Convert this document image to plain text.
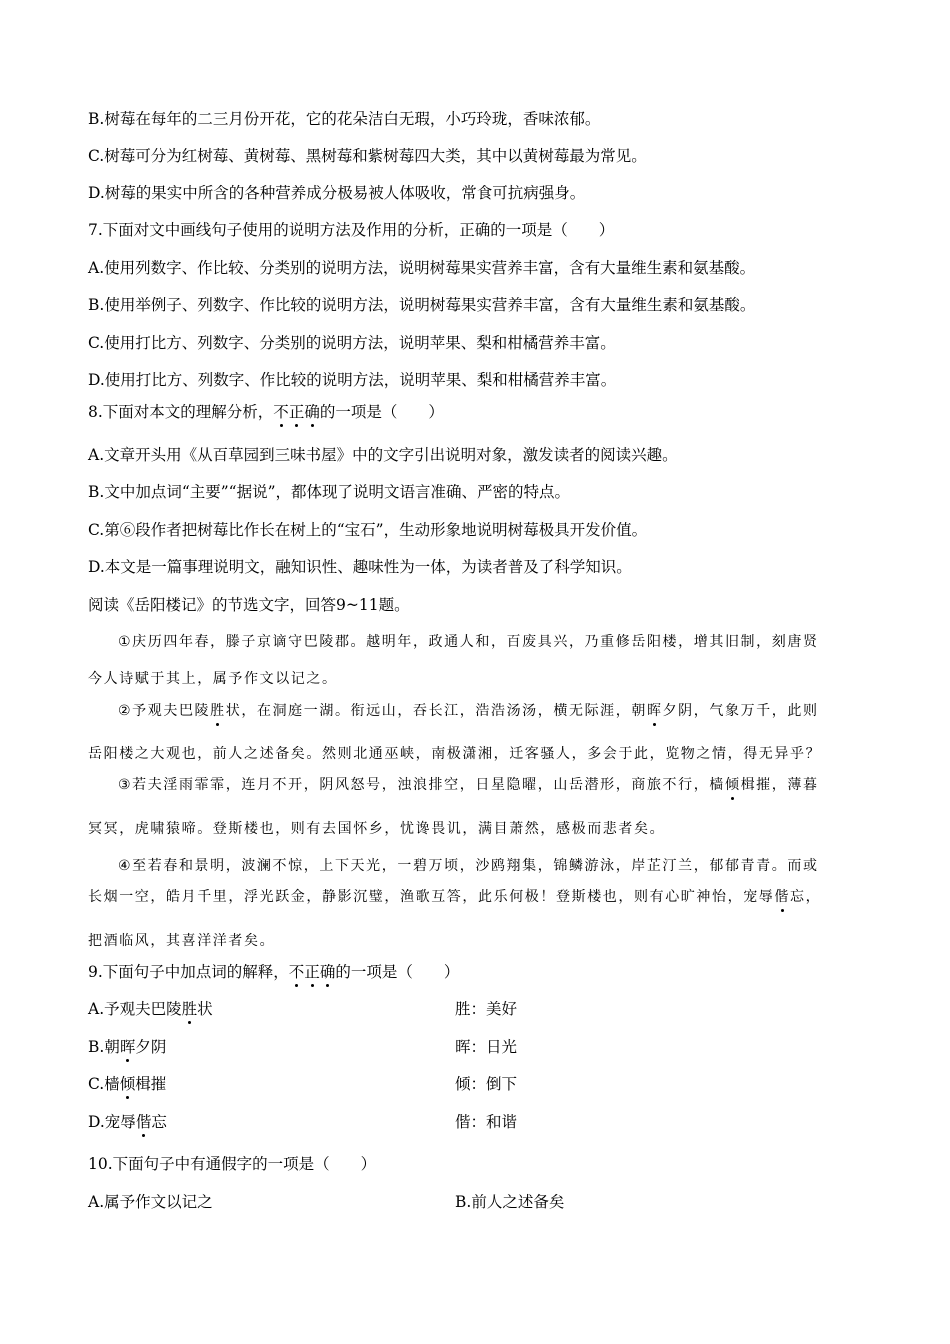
B.树莓在每年的二三月份开花，它的花朵洁白无瑕，小巧玲珑，香味浓郁。
C.树莓可分为红树莓、黄树莓、黑树莓和紫树莓四大类，其中以黄树莓最为常见。
D.树莓的果实中所含的各种营养成分极易被人体吸收，常食可抗病强身。
7.下面对文中画线句子使用的说明方法及作用的分析，正确的一项是（　　）
A.使用列数字、作比较、分类别的说明方法，说明树莓果实营养丰富，含有大量维生素和氨基酸。
B.使用举例子、列数字、作比较的说明方法，说明树莓果实营养丰富，含有大量维生素和氨基酸。
C.使用打比方、列数字、分类别的说明方法，说明苹果、梨和柑橘营养丰富。
D.使用打比方、列数字、作比较的说明方法，说明苹果、梨和柑橘营养丰富。
8.下面对本文的理解分析，不正确的一项是（　　）
A.文章开头用《从百草园到三味书屋》中的文字引出说明对象，激发读者的阅读兴趣。
B.文中加点词“主要”“据说”，都体现了说明文语言准确、严密的特点。
C.第⑥段作者把树莓比作长在树上的“宝石”，生动形象地说明树莓极具开发价值。
D.本文是一篇事理说明文，融知识性、趣味性为一体，为读者普及了科学知识。
阅读《岳阳楼记》的节选文字，回答9~11题。
①庆历四年春，滕子京谪守巴陵郡。越明年，政通人和，百废具兴，乃重修岳阳楼，增其旧制，刻唐贤
今人诗赋于其上，属予作文以记之。
②予观夫巴陵胜状，在洞庭一湖。衔远山，吞长江，浩浩汤汤，横无际涯，朝晖夕阴，气象万千，此则
岳阳楼之大观也，前人之述备矣。然则北通巫峡，南极潇湘，迁客骚人，多会于此，览物之情，得无异乎？
③若夫淫雨霏霏，连月不开，阴风怒号，浊浪排空，日星隐曜，山岳潜形，商旅不行，樯倾楫摧，薄暮
冥冥，虎啸猿啼。登斯楼也，则有去国怀乡，忧谗畏讥，满目萧然，感极而悲者矣。
④至若春和景明，波澜不惊，上下天光，一碧万顷，沙鸥翔集，锦鳞游泳，岸芷汀兰，郁郁青青。而或
长烟一空，皓月千里，浮光跃金，静影沉璧，渔歌互答，此乐何极！登斯楼也，则有心旷神怡，宠辱偕忘，
把酒临风，其喜洋洋者矣。
9.下面句子中加点词的解释，不正确的一项是（　　）
A.予观夫巴陵胜状	胜：美好
B.朝晖夕阴	晖：日光
C.樯倾楫摧	倾：倒下
D.宠辱偕忘	偕：和谐
10.下面句子中有通假字的一项是（　　）
A.属予作文以记之	B.前人之述备矣
